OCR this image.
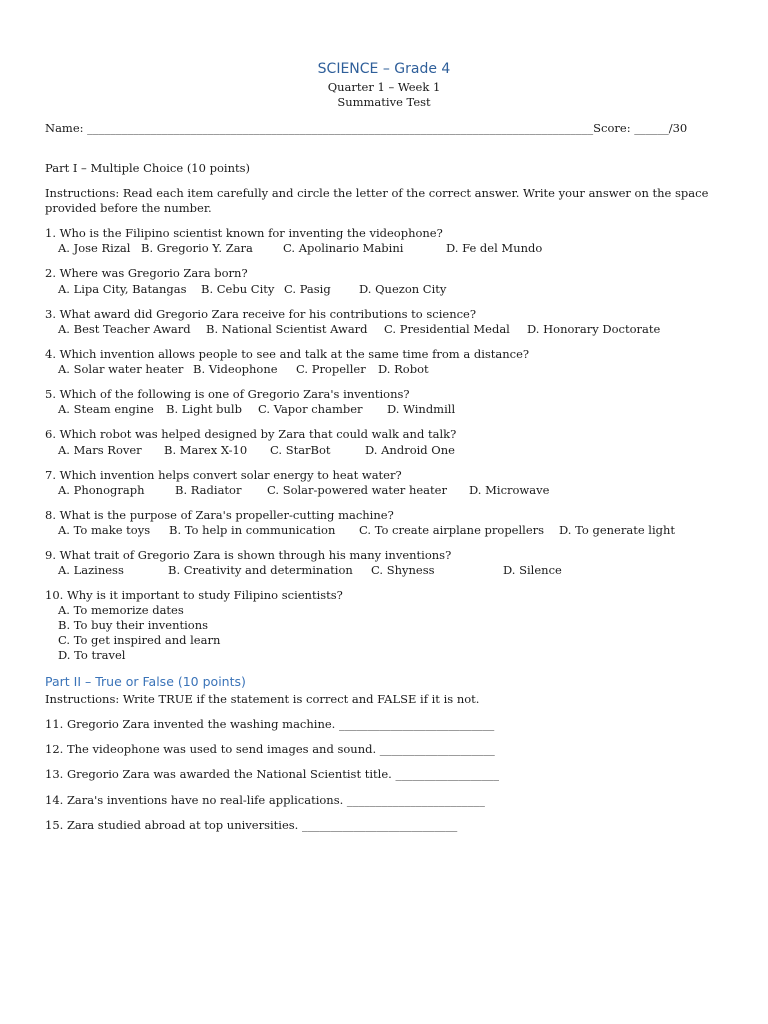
SCIENCE – Grade 4
Quarter 1 – Week 1
Summative Test
Name: ________________________________________________________________________________________Score: ______/30
Part I – Multiple Choice (10 points)
Instructions: Read each item carefully and circle the letter of the correct answer. Write your answer on the space
provided before the number.
1. Who is the Filipino scientist known for inventing the videophone?
A. Jose Rizal B. Gregorio Y. Zara	C. Apolinario Mabini	D. Fe del Mundo
2. Where was Gregorio Zara born?
A. Lipa City, Batangas B. Cebu City C. Pasig D. Quezon City
3. What award did Gregorio Zara receive for his contributions to science?
A. Best Teacher Award B. National Scientist Award C. Presidential Medal D. Honorary Doctorate
4. Which invention allows people to see and talk at the same time from a distance?
A. Solar water heater B. Videophone C. Propeller D. Robot
5. Which of the following is one of Gregorio Zara's inventions?
A. Steam engine B. Light bulb C. Vapor chamber D. Windmill
6. Which robot was helped designed by Zara that could walk and talk?
A. Mars Rover B. Marex X-10 C. StarBot	D. Android One
7. Which invention helps convert solar energy to heat water?
A. Phonograph	B. Radiator C. Solar-powered water heater D. Microwave
8. What is the purpose of Zara's propeller-cutting machine?
A. To make toys B. To help in communication C. To create airplane propellers D. To generate light
9. What trait of Gregorio Zara is shown through his many inventions?
A. Laziness	B. Creativity and determination C. Shyness	D. Silence
10. Why is it important to study Filipino scientists?
A. To memorize dates
B. To buy their inventions
C. To get inspired and learn
D. To travel
Part II – True or False (10 points)
Instructions: Write TRUE if the statement is correct and FALSE if it is not.
11. Gregorio Zara invented the washing machine. ___________________________
12. The videophone was used to send images and sound. ____________________
13. Gregorio Zara was awarded the National Scientist title. __________________
14. Zara's inventions have no real-life applications. ________________________
15. Zara studied abroad at top universities. ___________________________
